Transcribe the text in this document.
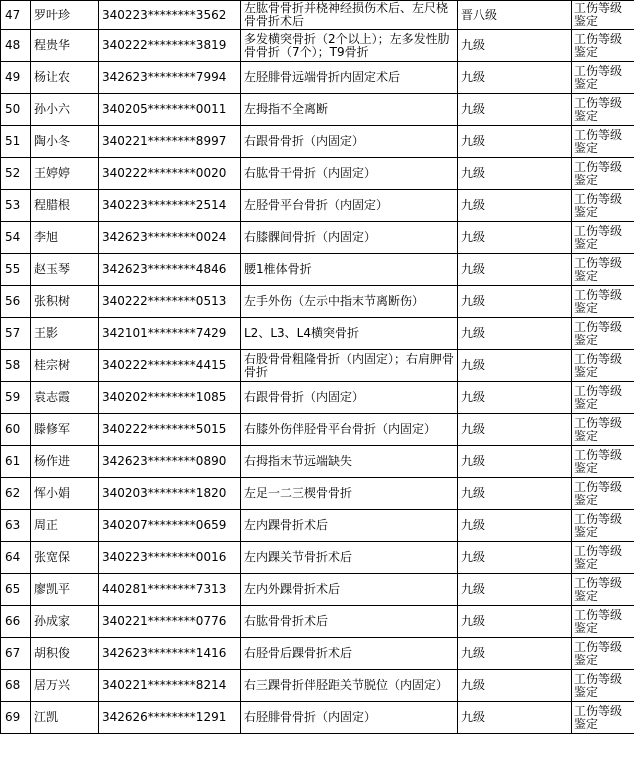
47	罗叶珍	340223********3562	左肱骨骨折并桡神经损伤术后、左尺桡骨骨折术后	晋八级	工伤等级鉴定
48	程贵华	340222********3819	多发横突骨折（2个以上）；左多发性肋骨骨折（7个）；T9骨折	九级	工伤等级鉴定
49	杨让农	342623********7994	左胫腓骨远端骨折内固定术后	九级	工伤等级鉴定
50	孙小六	340205********0011	左拇指不全离断	九级	工伤等级鉴定
51	陶小冬	340221********8997	右跟骨骨折（内固定）	九级	工伤等级鉴定
52	王婷婷	340222********0020	右肱骨干骨折（内固定）	九级	工伤等级鉴定
53	程腊根	340223********2514	左胫骨平台骨折（内固定）	九级	工伤等级鉴定
54	李旭	342623********0024	右膝髁间骨折（内固定）	九级	工伤等级鉴定
55	赵玉琴	342623********4846	腰1椎体骨折	九级	工伤等级鉴定
56	张积树	340222********0513	左手外伤（左示中指末节离断伤）	九级	工伤等级鉴定
57	王影	342101********7429	L2、L3、L4横突骨折	九级	工伤等级鉴定
58	桂宗树	340222********4415	右股骨骨粗隆骨折（内固定）；右肩胛骨骨折	九级	工伤等级鉴定
59	袁志霞	340202********1085	右跟骨骨折（内固定）	九级	工伤等级鉴定
60	滕修军	340222********5015	右膝外伤伴胫骨平台骨折（内固定）	九级	工伤等级鉴定
61	杨作进	342623********0890	右拇指末节远端缺失	九级	工伤等级鉴定
62	恽小娟	340203********1820	左足一二三楔骨骨折	九级	工伤等级鉴定
63	周正	340207********0659	左内踝骨折术后	九级	工伤等级鉴定
64	张宽保	340223********0016	左内踝关节骨折术后	九级	工伤等级鉴定
65	廖凯平	440281********7313	左内外踝骨折术后	九级	工伤等级鉴定
66	孙成家	340221********0776	右肱骨骨折术后	九级	工伤等级鉴定
67	胡积俊	342623********1416	右胫骨后踝骨折术后	九级	工伤等级鉴定
68	居万兴	340221********8214	右三踝骨折伴胫距关节脱位（内固定）	九级	工伤等级鉴定
69	江凯	342626********1291	右胫腓骨骨折（内固定）	九级	工伤等级鉴定
